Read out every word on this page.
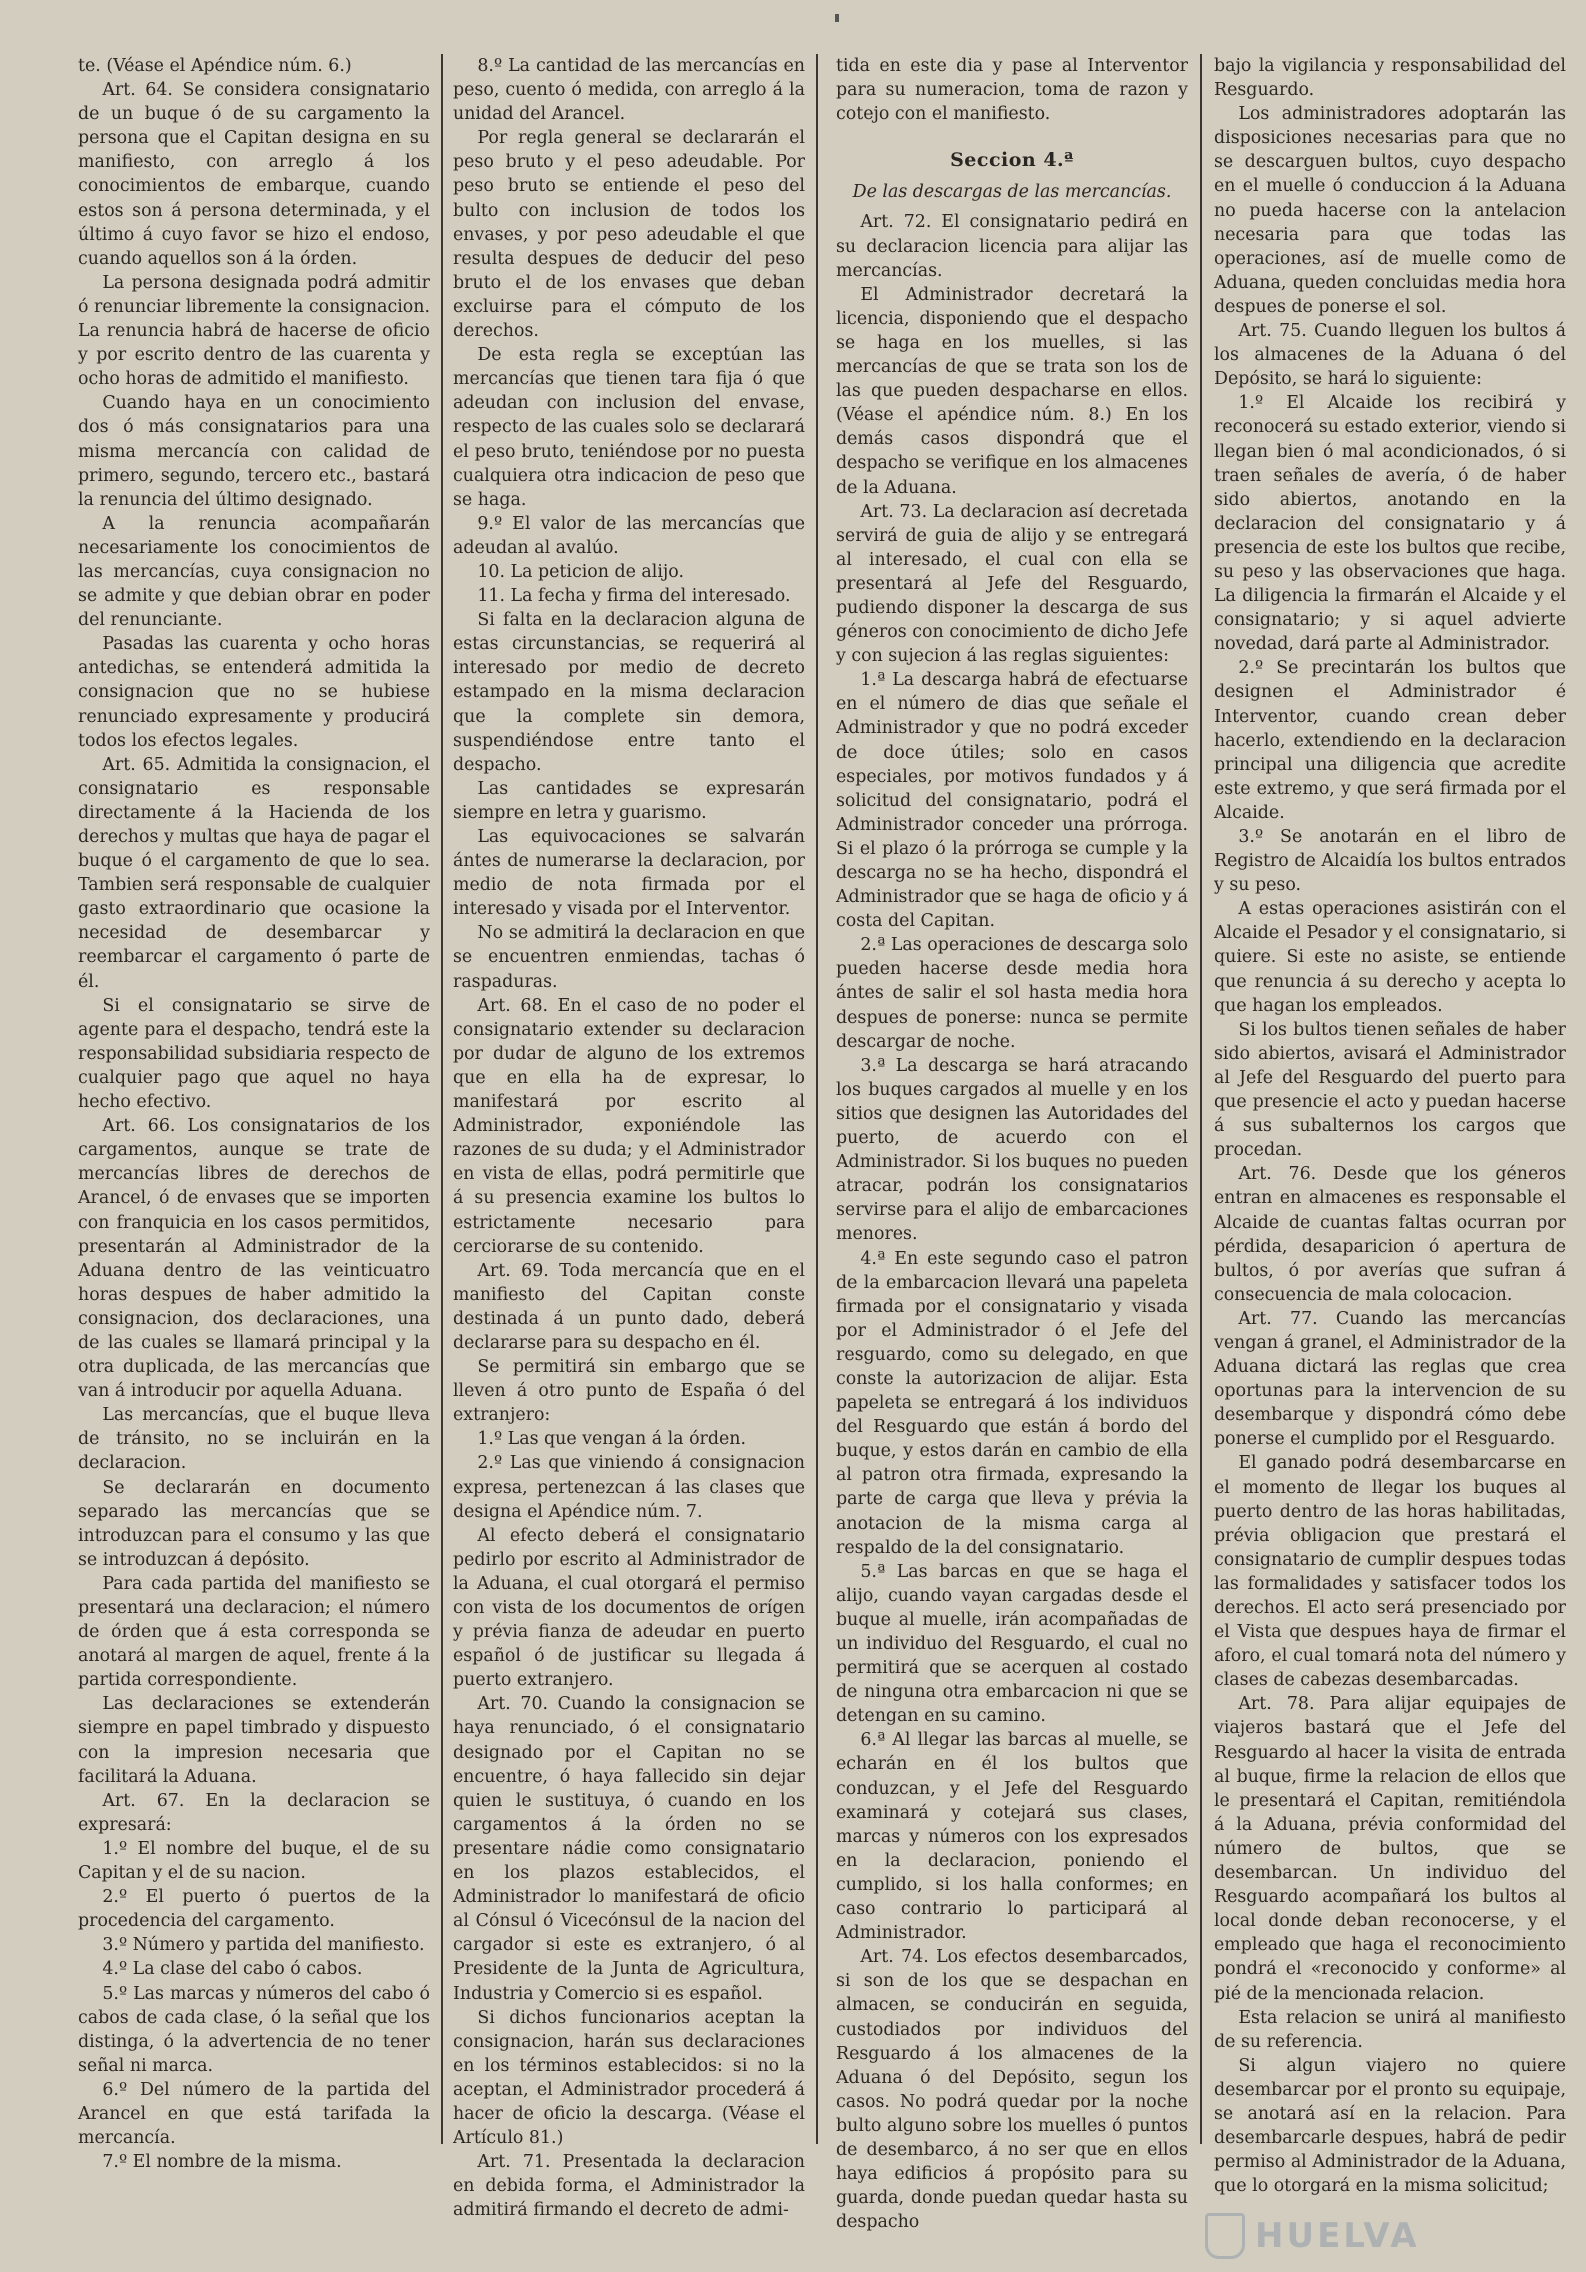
te. (Véase el Apéndice núm. 6.)

Art. 64. Se considera consignatario de un buque ó de su cargamento la persona que el Capitan designa en su manifiesto, con arreglo á los conocimientos de embarque, cuando estos son á persona determinada, y el último á cuyo favor se hizo el endoso, cuando aquellos son á la órden.

La persona designada podrá admitir ó renunciar libremente la consignacion. La renuncia habrá de hacerse de oficio y por escrito dentro de las cuarenta y ocho horas de admitido el manifiesto.

Cuando haya en un conocimiento dos ó más consignatarios para una misma mercancía con calidad de primero, segundo, tercero etc., bastará la renuncia del último designado.

A la renuncia acompañarán necesariamente los conocimientos de las mercancías, cuya consignacion no se admite y que debian obrar en poder del renunciante.

Pasadas las cuarenta y ocho horas antedichas, se entenderá admitida la consignacion que no se hubiese renunciado expresamente y producirá todos los efectos legales.

Art. 65. Admitida la consignacion, el consignatario es responsable directamente á la Hacienda de los derechos y multas que haya de pagar el buque ó el cargamento de que lo sea. Tambien será responsable de cualquier gasto extraordinario que ocasione la necesidad de desembarcar y reembarcar el cargamento ó parte de él.

Si el consignatario se sirve de agente para el despacho, tendrá este la responsabilidad subsidiaria respecto de cualquier pago que aquel no haya hecho efectivo.

Art. 66. Los consignatarios de los cargamentos, aunque se trate de mercancías libres de derechos de Arancel, ó de envases que se importen con franquicia en los casos permitidos, presentarán al Administrador de la Aduana dentro de las veinticuatro horas despues de haber admitido la consignacion, dos declaraciones, una de las cuales se llamará principal y la otra duplicada, de las mercancías que van á introducir por aquella Aduana.

Las mercancías, que el buque lleva de tránsito, no se incluirán en la declaracion.

Se declararán en documento separado las mercancías que se introduzcan para el consumo y las que se introduzcan á depósito.

Para cada partida del manifiesto se presentará una declaracion; el número de órden que á esta corresponda se anotará al margen de aquel, frente á la partida correspondiente.

Las declaraciones se extenderán siempre en papel timbrado y dispuesto con la impresion necesaria que facilitará la Aduana.

Art. 67. En la declaracion se expresará:

1.º El nombre del buque, el de su Capitan y el de su nacion.

2.º El puerto ó puertos de la procedencia del cargamento.

3.º Número y partida del manifiesto.

4.º La clase del cabo ó cabos.

5.º Las marcas y números del cabo ó cabos de cada clase, ó la señal que los distinga, ó la advertencia de no tener señal ni marca.

6.º Del número de la partida del Arancel en que está tarifada la mercancía.

7.º El nombre de la misma.

8.º La cantidad de las mercancías en peso, cuento ó medida, con arreglo á la unidad del Arancel.

Por regla general se declararán el peso bruto y el peso adeudable. Por peso bruto se entiende el peso del bulto con inclusion de todos los envases, y por peso adeudable el que resulta despues de deducir del peso bruto el de los envases que deban excluirse para el cómputo de los derechos.

De esta regla se exceptúan las mercancías que tienen tara fija ó que adeudan con inclusion del envase, respecto de las cuales solo se declarará el peso bruto, teniéndose por no puesta cualquiera otra indicacion de peso que se haga.

9.º El valor de las mercancías que adeudan al avalúo.

10. La peticion de alijo.

11. La fecha y firma del interesado.

Si falta en la declaracion alguna de estas circunstancias, se requerirá al interesado por medio de decreto estampado en la misma declaracion que la complete sin demora, suspendiéndose entre tanto el despacho.

Las cantidades se expresarán siempre en letra y guarismo.

Las equivocaciones se salvarán ántes de numerarse la declaracion, por medio de nota firmada por el interesado y visada por el Interventor.

No se admitirá la declaracion en que se encuentren enmiendas, tachas ó raspaduras.

Art. 68. En el caso de no poder el consignatario extender su declaracion por dudar de alguno de los extremos que en ella ha de expresar, lo manifestará por escrito al Administrador, exponiéndole las razones de su duda; y el Administrador en vista de ellas, podrá permitirle que á su presencia examine los bultos lo estrictamente necesario para cerciorarse de su contenido.

Art. 69. Toda mercancía que en el manifiesto del Capitan conste destinada á un punto dado, deberá declararse para su despacho en él.

Se permitirá sin embargo que se lleven á otro punto de España ó del extranjero:

1.º Las que vengan á la órden.

2.º Las que viniendo á consignacion expresa, pertenezcan á las clases que designa el Apéndice núm. 7.

Al efecto deberá el consignatario pedirlo por escrito al Administrador de la Aduana, el cual otorgará el permiso con vista de los documentos de orígen y prévia fianza de adeudar en puerto español ó de justificar su llegada á puerto extranjero.

Art. 70. Cuando la consignacion se haya renunciado, ó el consignatario designado por el Capitan no se encuentre, ó haya fallecido sin dejar quien le sustituya, ó cuando en los cargamentos á la órden no se presentare nádie como consignatario en los plazos establecidos, el Administrador lo manifestará de oficio al Cónsul ó Vicecónsul de la nacion del cargador si este es extranjero, ó al Presidente de la Junta de Agricultura, Industria y Comercio si es español.

Si dichos funcionarios aceptan la consignacion, harán sus declaraciones en los términos establecidos: si no la aceptan, el Administrador procederá á hacer de oficio la descarga. (Véase el Artículo 81.)

Art. 71. Presentada la declaracion en debida forma, el Administrador la admitirá firmando el decreto de admi-

tida en este dia y pase al Interventor para su numeracion, toma de razon y cotejo con el manifiesto.

Seccion 4.ª

De las descargas de las mercancías.

Art. 72. El consignatario pedirá en su declaracion licencia para alijar las mercancías.

El Administrador decretará la licencia, disponiendo que el despacho se haga en los muelles, si las mercancías de que se trata son los de las que pueden despacharse en ellos. (Véase el apéndice núm. 8.) En los demás casos dispondrá que el despacho se verifique en los almacenes de la Aduana.

Art. 73. La declaracion así decretada servirá de guia de alijo y se entregará al interesado, el cual con ella se presentará al Jefe del Resguardo, pudiendo disponer la descarga de sus géneros con conocimiento de dicho Jefe y con sujecion á las reglas siguientes:

1.ª La descarga habrá de efectuarse en el número de dias que señale el Administrador y que no podrá exceder de doce útiles; solo en casos especiales, por motivos fundados y á solicitud del consignatario, podrá el Administrador conceder una prórroga. Si el plazo ó la prórroga se cumple y la descarga no se ha hecho, dispondrá el Administrador que se haga de oficio y á costa del Capitan.

2.ª Las operaciones de descarga solo pueden hacerse desde media hora ántes de salir el sol hasta media hora despues de ponerse: nunca se permite descargar de noche.

3.ª La descarga se hará atracando los buques cargados al muelle y en los sitios que designen las Autoridades del puerto, de acuerdo con el Administrador. Si los buques no pueden atracar, podrán los consignatarios servirse para el alijo de embarcaciones menores.

4.ª En este segundo caso el patron de la embarcacion llevará una papeleta firmada por el consignatario y visada por el Administrador ó el Jefe del resguardo, como su delegado, en que conste la autorizacion de alijar. Esta papeleta se entregará á los individuos del Resguardo que están á bordo del buque, y estos darán en cambio de ella al patron otra firmada, expresando la parte de carga que lleva y prévia la anotacion de la misma carga al respaldo de la del consignatario.

5.ª Las barcas en que se haga el alijo, cuando vayan cargadas desde el buque al muelle, irán acompañadas de un individuo del Resguardo, el cual no permitirá que se acerquen al costado de ninguna otra embarcacion ni que se detengan en su camino.

6.ª Al llegar las barcas al muelle, se echarán en él los bultos que conduzcan, y el Jefe del Resguardo examinará y cotejará sus clases, marcas y números con los expresados en la declaracion, poniendo el cumplido, si los halla conformes; en caso contrario lo participará al Administrador.

Art. 74. Los efectos desembarcados, si son de los que se despachan en almacen, se conducirán en seguida, custodiados por individuos del Resguardo á los almacenes de la Aduana ó del Depósito, segun los casos. No podrá quedar por la noche bulto alguno sobre los muelles ó puntos de desembarco, á no ser que en ellos haya edificios á propósito para su guarda, donde puedan quedar hasta su despacho

bajo la vigilancia y responsabilidad del Resguardo.

Los administradores adoptarán las disposiciones necesarias para que no se descarguen bultos, cuyo despacho en el muelle ó conduccion á la Aduana no pueda hacerse con la antelacion necesaria para que todas las operaciones, así de muelle como de Aduana, queden concluidas media hora despues de ponerse el sol.

Art. 75. Cuando lleguen los bultos á los almacenes de la Aduana ó del Depósito, se hará lo siguiente:

1.º El Alcaide los recibirá y reconocerá su estado exterior, viendo si llegan bien ó mal acondicionados, ó si traen señales de avería, ó de haber sido abiertos, anotando en la declaracion del consignatario y á presencia de este los bultos que recibe, su peso y las observaciones que haga. La diligencia la firmarán el Alcaide y el consignatario; y si aquel advierte novedad, dará parte al Administrador.

2.º Se precintarán los bultos que designen el Administrador é Interventor, cuando crean deber hacerlo, extendiendo en la declaracion principal una diligencia que acredite este extremo, y que será firmada por el Alcaide.

3.º Se anotarán en el libro de Registro de Alcaidía los bultos entrados y su peso.

A estas operaciones asistirán con el Alcaide el Pesador y el consignatario, si quiere. Si este no asiste, se entiende que renuncia á su derecho y acepta lo que hagan los empleados.

Si los bultos tienen señales de haber sido abiertos, avisará el Administrador al Jefe del Resguardo del puerto para que presencie el acto y puedan hacerse á sus subalternos los cargos que procedan.

Art. 76. Desde que los géneros entran en almacenes es responsable el Alcaide de cuantas faltas ocurran por pérdida, desaparicion ó apertura de bultos, ó por averías que sufran á consecuencia de mala colocacion.

Art. 77. Cuando las mercancías vengan á granel, el Administrador de la Aduana dictará las reglas que crea oportunas para la intervencion de su desembarque y dispondrá cómo debe ponerse el cumplido por el Resguardo.

El ganado podrá desembarcarse en el momento de llegar los buques al puerto dentro de las horas habilitadas, prévia obligacion que prestará el consignatario de cumplir despues todas las formalidades y satisfacer todos los derechos. El acto será presenciado por el Vista que despues haya de firmar el aforo, el cual tomará nota del número y clases de cabezas desembarcadas.

Art. 78. Para alijar equipajes de viajeros bastará que el Jefe del Resguardo al hacer la visita de entrada al buque, firme la relacion de ellos que le presentará el Capitan, remitiéndola á la Aduana, prévia conformidad del número de bultos, que se desembarcan. Un individuo del Resguardo acompañará los bultos al local donde deban reconocerse, y el empleado que haga el reconocimiento pondrá el «reconocido y conforme» al pié de la mencionada relacion.

Esta relacion se unirá al manifiesto de su referencia.

Si algun viajero no quiere desembarcar por el pronto su equipaje, se anotará así en la relacion. Para desembarcarle despues, habrá de pedir permiso al Administrador de la Aduana, que lo otorgará en la misma solicitud;

HUELVA
